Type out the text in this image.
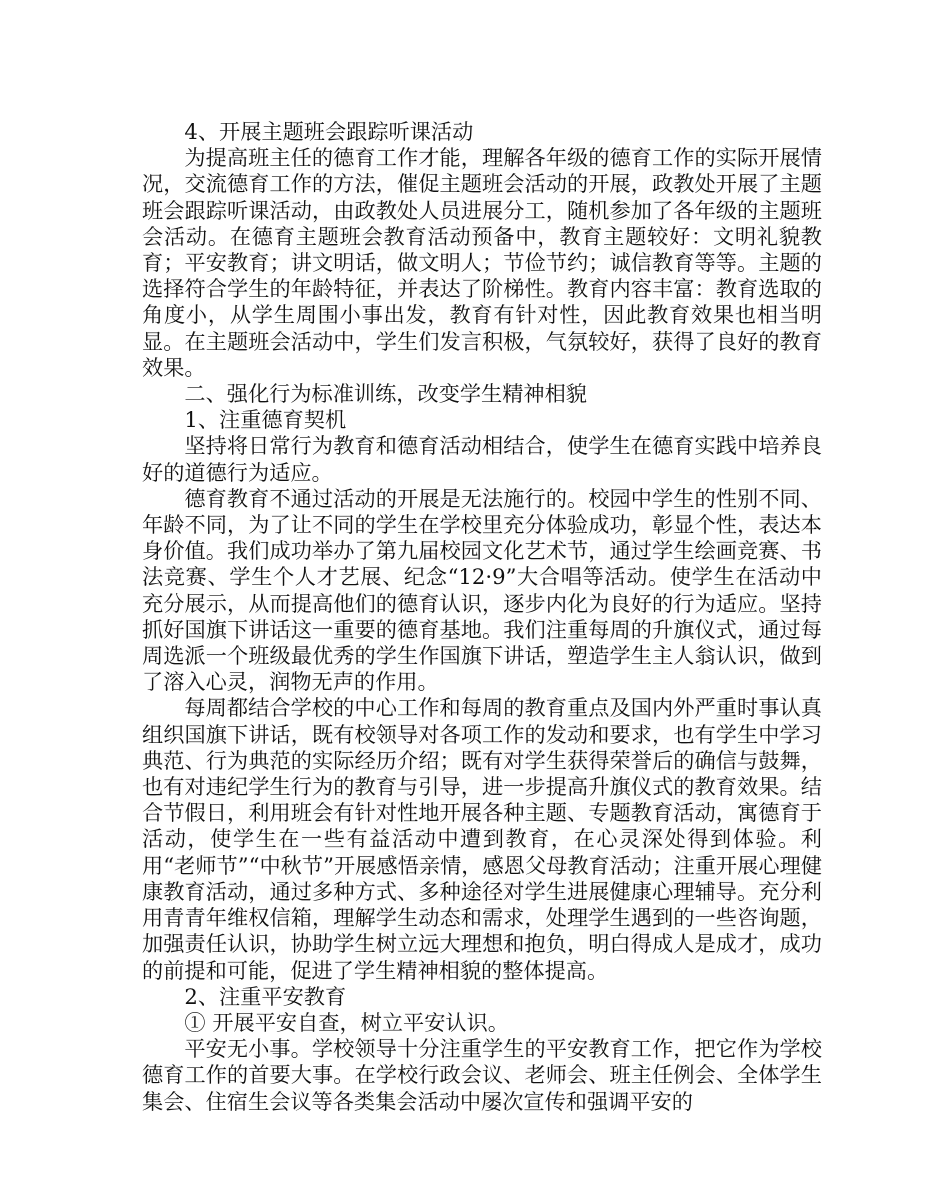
4、开展主题班会跟踪听课活动

为提高班主任的德育工作才能，理解各年级的德育工作的实际开展情况，交流德育工作的方法，催促主题班会活动的开展，政教处开展了主题班会跟踪听课活动，由政教处人员进展分工，随机参加了各年级的主题班会活动。在德育主题班会教育活动预备中，教育主题较好：文明礼貌教育；平安教育；讲文明话，做文明人；节俭节约；诚信教育等等。主题的选择符合学生的年龄特征，并表达了阶梯性。教育内容丰富：教育选取的角度小，从学生周围小事出发，教育有针对性，因此教育效果也相当明显。在主题班会活动中，学生们发言积极，气氛较好，获得了良好的教育效果。

二、强化行为标准训练，改变学生精神相貌

1、注重德育契机

坚持将日常行为教育和德育活动相结合，使学生在德育实践中培养良好的道德行为适应。

德育教育不通过活动的开展是无法施行的。校园中学生的性别不同、年龄不同，为了让不同的学生在学校里充分体验成功，彰显个性，表达本身价值。我们成功举办了第九届校园文化艺术节，通过学生绘画竞赛、书法竞赛、学生个人才艺展、纪念“12·9”大合唱等活动。使学生在活动中充分展示，从而提高他们的德育认识，逐步内化为良好的行为适应。坚持抓好国旗下讲话这一重要的德育基地。我们注重每周的升旗仪式，通过每周选派一个班级最优秀的学生作国旗下讲话，塑造学生主人翁认识，做到了溶入心灵，润物无声的作用。

每周都结合学校的中心工作和每周的教育重点及国内外严重时事认真组织国旗下讲话，既有校领导对各项工作的发动和要求，也有学生中学习典范、行为典范的实际经历介绍；既有对学生获得荣誉后的确信与鼓舞，也有对违纪学生行为的教育与引导，进一步提高升旗仪式的教育效果。结合节假日，利用班会有针对性地开展各种主题、专题教育活动，寓德育于活动，使学生在一些有益活动中遭到教育，在心灵深处得到体验。利用“老师节”“中秋节”开展感悟亲情，感恩父母教育活动；注重开展心理健康教育活动，通过多种方式、多种途径对学生进展健康心理辅导。充分利用青青年维权信箱，理解学生动态和需求，处理学生遇到的一些咨询题，加强责任认识，协助学生树立远大理想和抱负，明白得成人是成才，成功的前提和可能，促进了学生精神相貌的整体提高。

2、注重平安教育

① 开展平安自查，树立平安认识。

平安无小事。学校领导十分注重学生的平安教育工作，把它作为学校德育工作的首要大事。在学校行政会议、老师会、班主任例会、全体学生集会、住宿生会议等各类集会活动中屡次宣传和强调平安的
